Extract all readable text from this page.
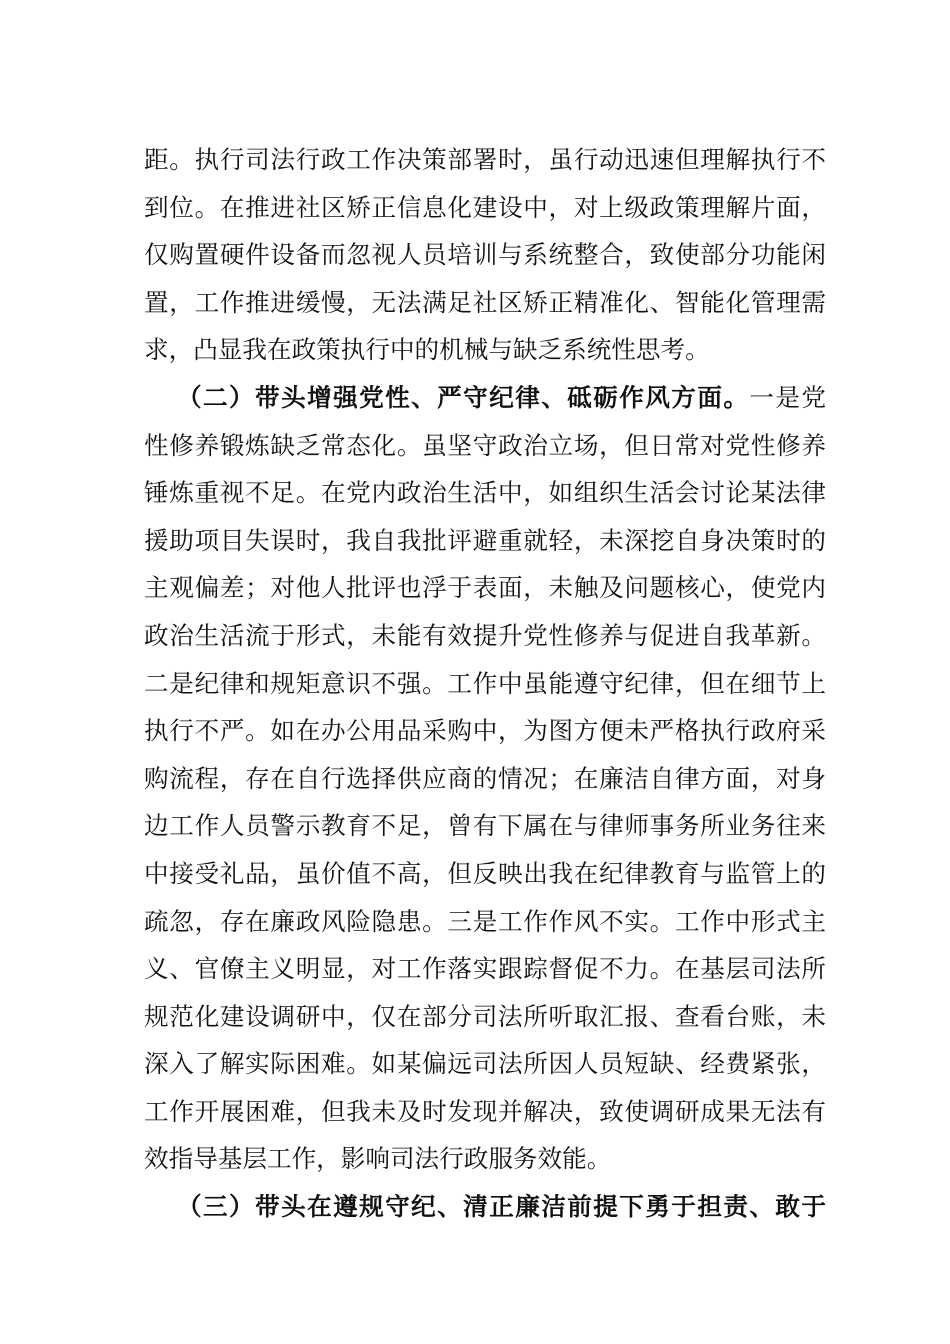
距。执行司法行政工作决策部署时，虽行动迅速但理解执行不
到位。在推进社区矫正信息化建设中，对上级政策理解片面，
仅购置硬件设备而忽视人员培训与系统整合，致使部分功能闲
置，工作推进缓慢，无法满足社区矫正精准化、智能化管理需
求，凸显我在政策执行中的机械与缺乏系统性思考。
（二）带头增强党性、严守纪律、砥砺作风方面。一是党
性修养锻炼缺乏常态化。虽坚守政治立场，但日常对党性修养
锤炼重视不足。在党内政治生活中，如组织生活会讨论某法律
援助项目失误时，我自我批评避重就轻，未深挖自身决策时的
主观偏差；对他人批评也浮于表面，未触及问题核心，使党内
政治生活流于形式，未能有效提升党性修养与促进自我革新。
二是纪律和规矩意识不强。工作中虽能遵守纪律，但在细节上
执行不严。如在办公用品采购中，为图方便未严格执行政府采
购流程，存在自行选择供应商的情况；在廉洁自律方面，对身
边工作人员警示教育不足，曾有下属在与律师事务所业务往来
中接受礼品，虽价值不高，但反映出我在纪律教育与监管上的
疏忽，存在廉政风险隐患。三是工作作风不实。工作中形式主
义、官僚主义明显，对工作落实跟踪督促不力。在基层司法所
规范化建设调研中，仅在部分司法所听取汇报、查看台账，未
深入了解实际困难。如某偏远司法所因人员短缺、经费紧张，
工作开展困难，但我未及时发现并解决，致使调研成果无法有
效指导基层工作，影响司法行政服务效能。
（三）带头在遵规守纪、清正廉洁前提下勇于担责、敢于
